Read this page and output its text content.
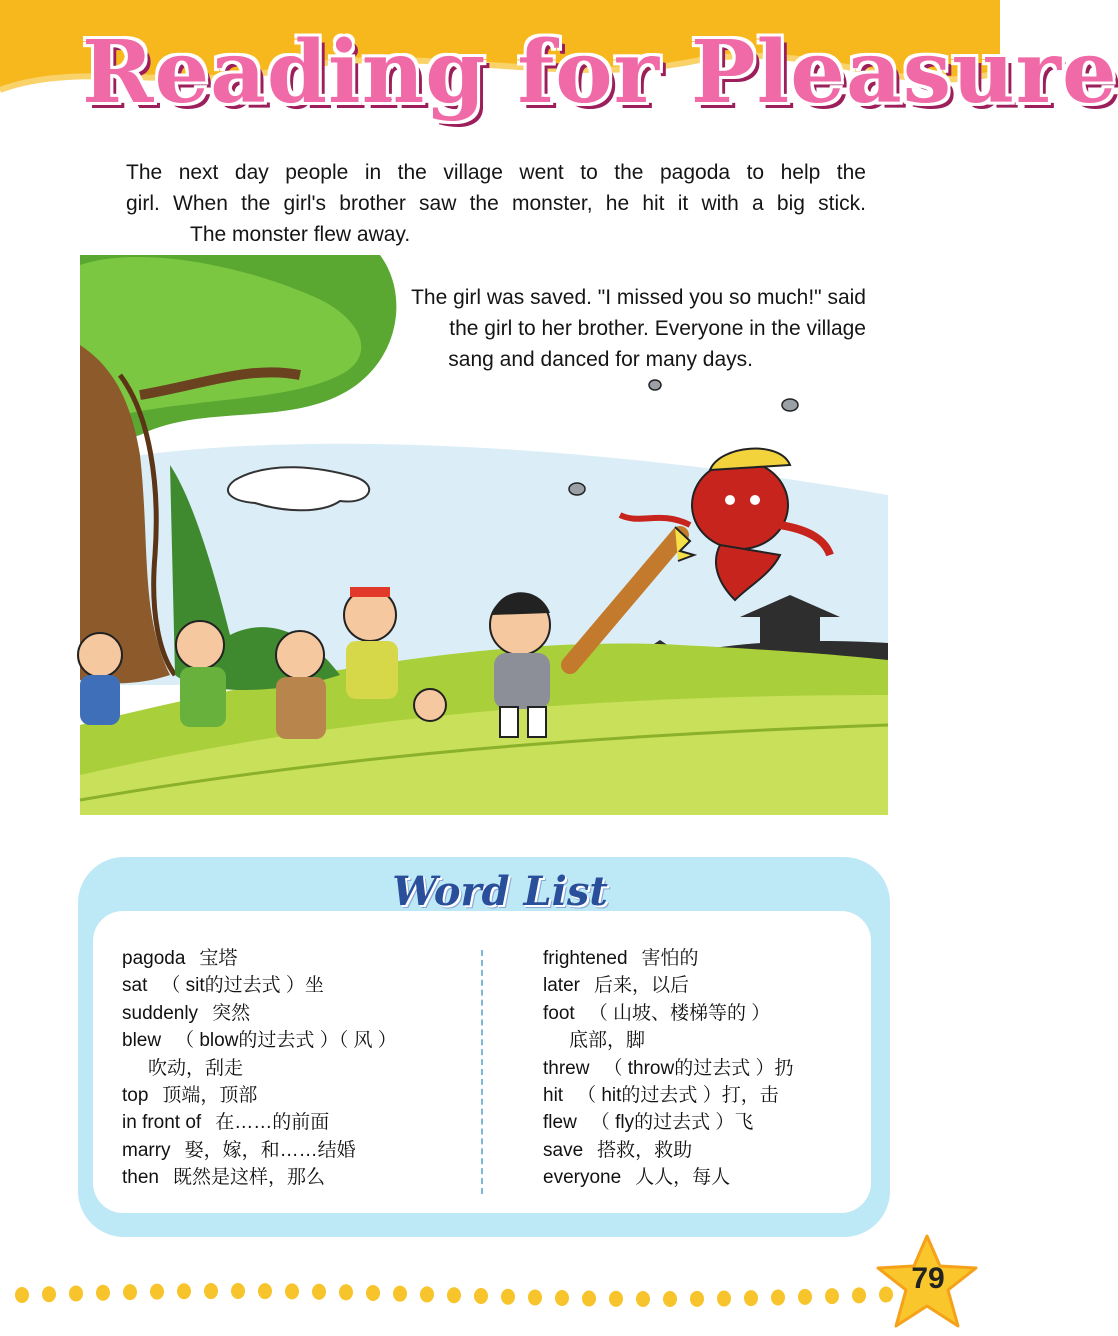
Reading for Pleasure
The next day people in the village went to the pagoda to help the
girl. When the girl's brother saw the monster, he hit it with a big stick.
The monster flew away.
The girl was saved. "I missed you so much!" said
the girl to her brother. Everyone in the village
sang and danced for many days.
Word List
pagoda 宝塔
sat （ sit的过去式 ）坐
suddenly 突然
blew （ blow的过去式 ）（ 风 ）
吹动，刮走
top 顶端，顶部
in front of 在……的前面
marry 娶，嫁，和……结婚
then 既然是这样，那么
frightened 害怕的
later 后来，以后
foot （ 山坡、楼梯等的 ）
底部，脚
threw （ throw的过去式 ）扔
hit （ hit的过去式 ）打，击
flew （ fly的过去式 ）飞
save 搭救，救助
everyone 人人，每人
79
